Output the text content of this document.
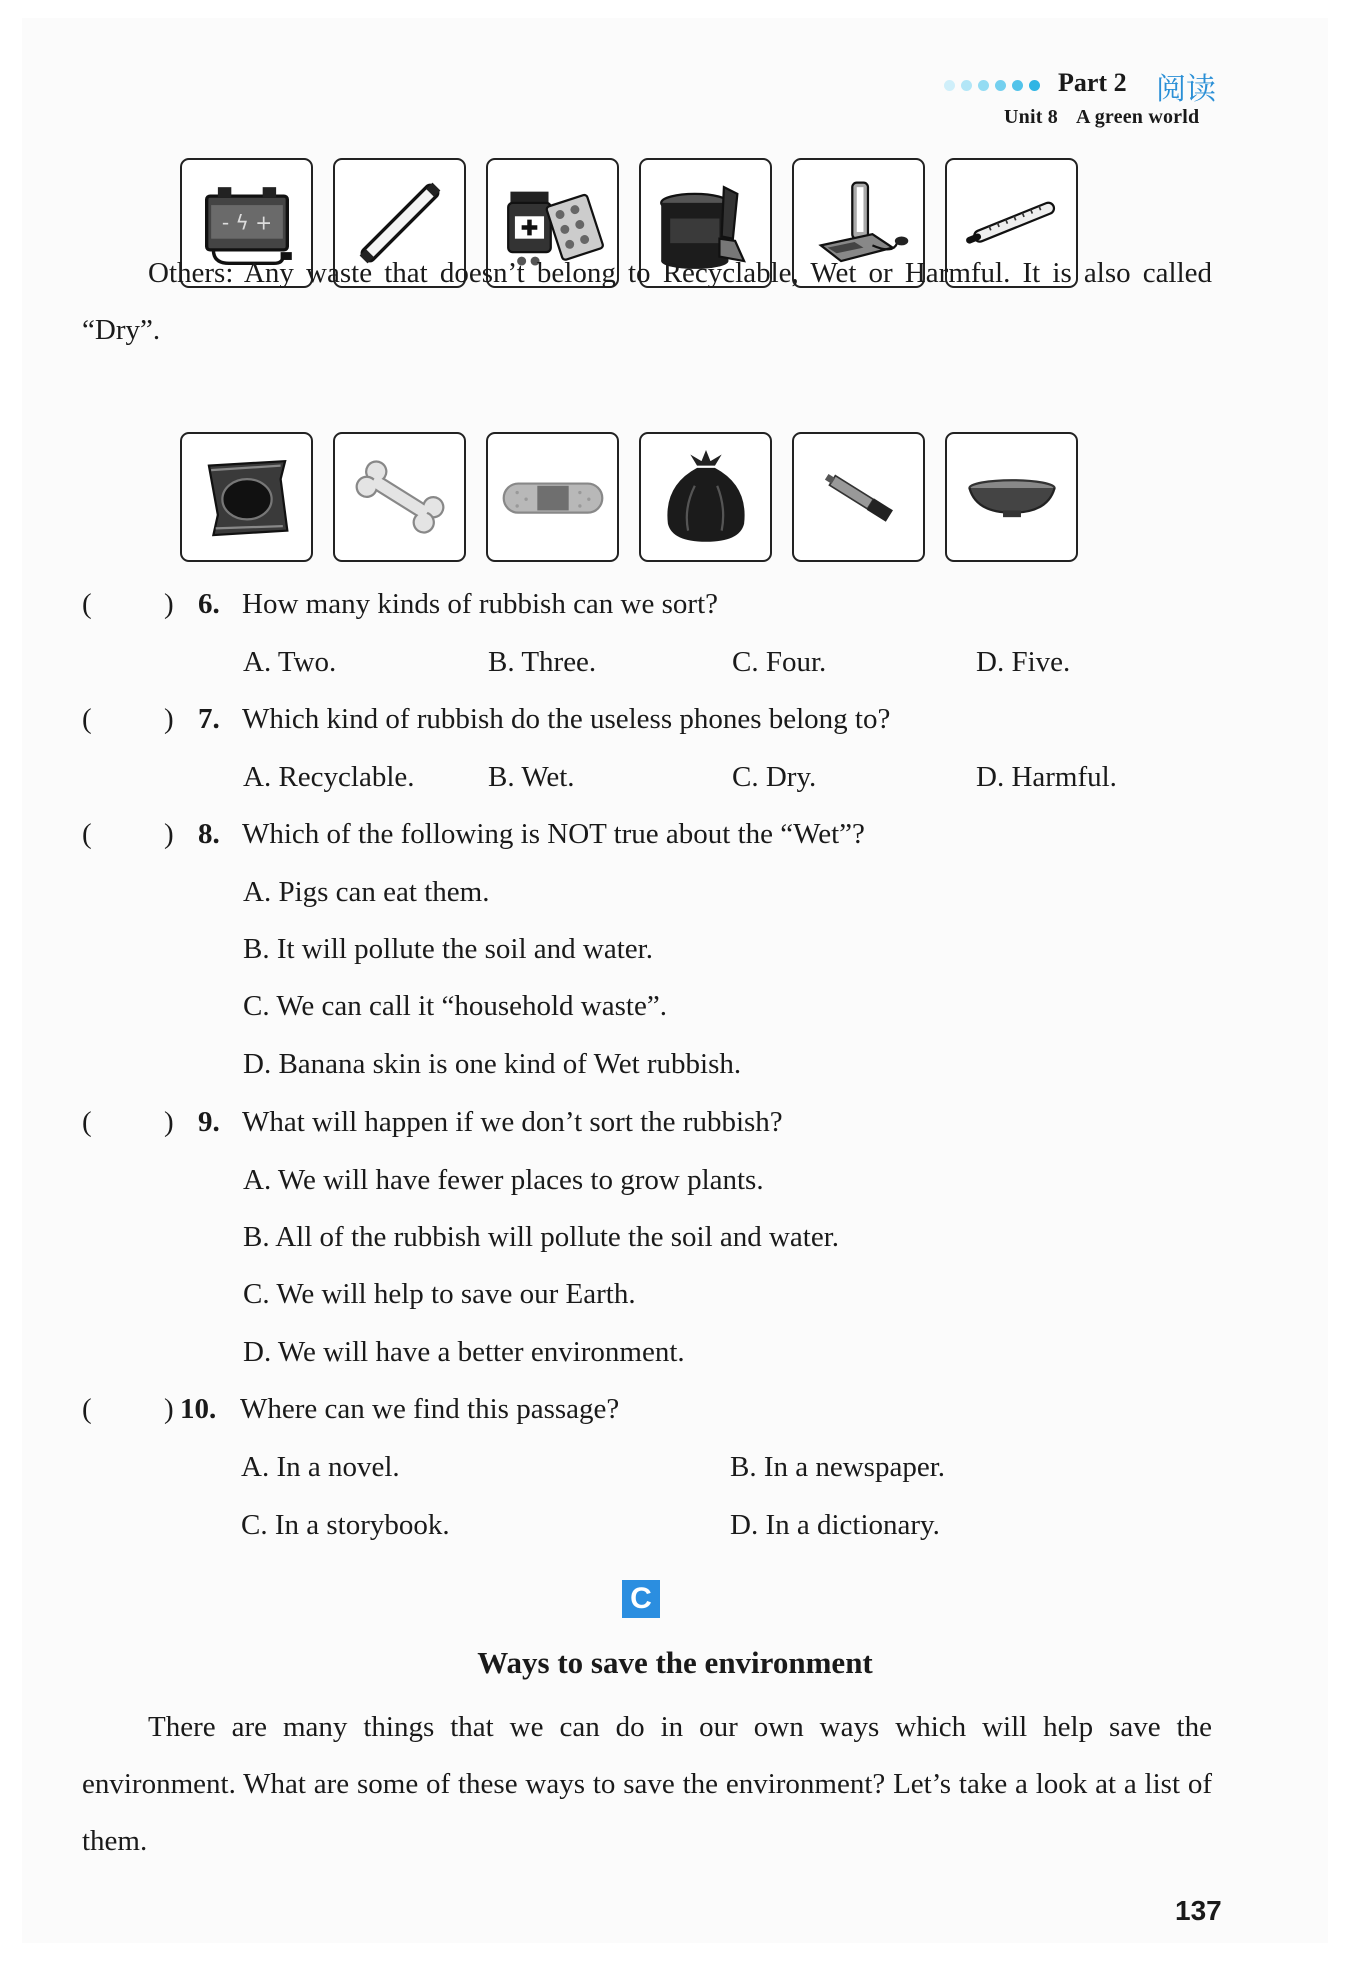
Part 2 阅读
Unit 8 A green world
- ϟ +
Others: Any waste that doesn’t belong to Recyclable, Wet or Harmful. It is also called “Dry”.
( ) 6. How many kinds of rubbish can we sort?
A. Two.	B. Three.	C. Four.	D. Five.
( ) 7. Which kind of rubbish do the useless phones belong to?
A. Recyclable.	B. Wet.	C. Dry.	D. Harmful.
( ) 8. Which of the following is NOT true about the “Wet”?
A. Pigs can eat them.
B. It will pollute the soil and water.
C. We can call it “household waste”.
D. Banana skin is one kind of Wet rubbish.
( ) 9. What will happen if we don’t sort the rubbish?
A. We will have fewer places to grow plants.
B. All of the rubbish will pollute the soil and water.
C. We will help to save our Earth.
D. We will have a better environment.
( ) 10. Where can we find this passage?
A. In a novel.	B. In a newspaper.
C. In a storybook.	D. In a dictionary.
C
Ways to save the environment
There are many things that we can do in our own ways which will help save the environment. What are some of these ways to save the environment? Let’s take a look at a list of them.
137
